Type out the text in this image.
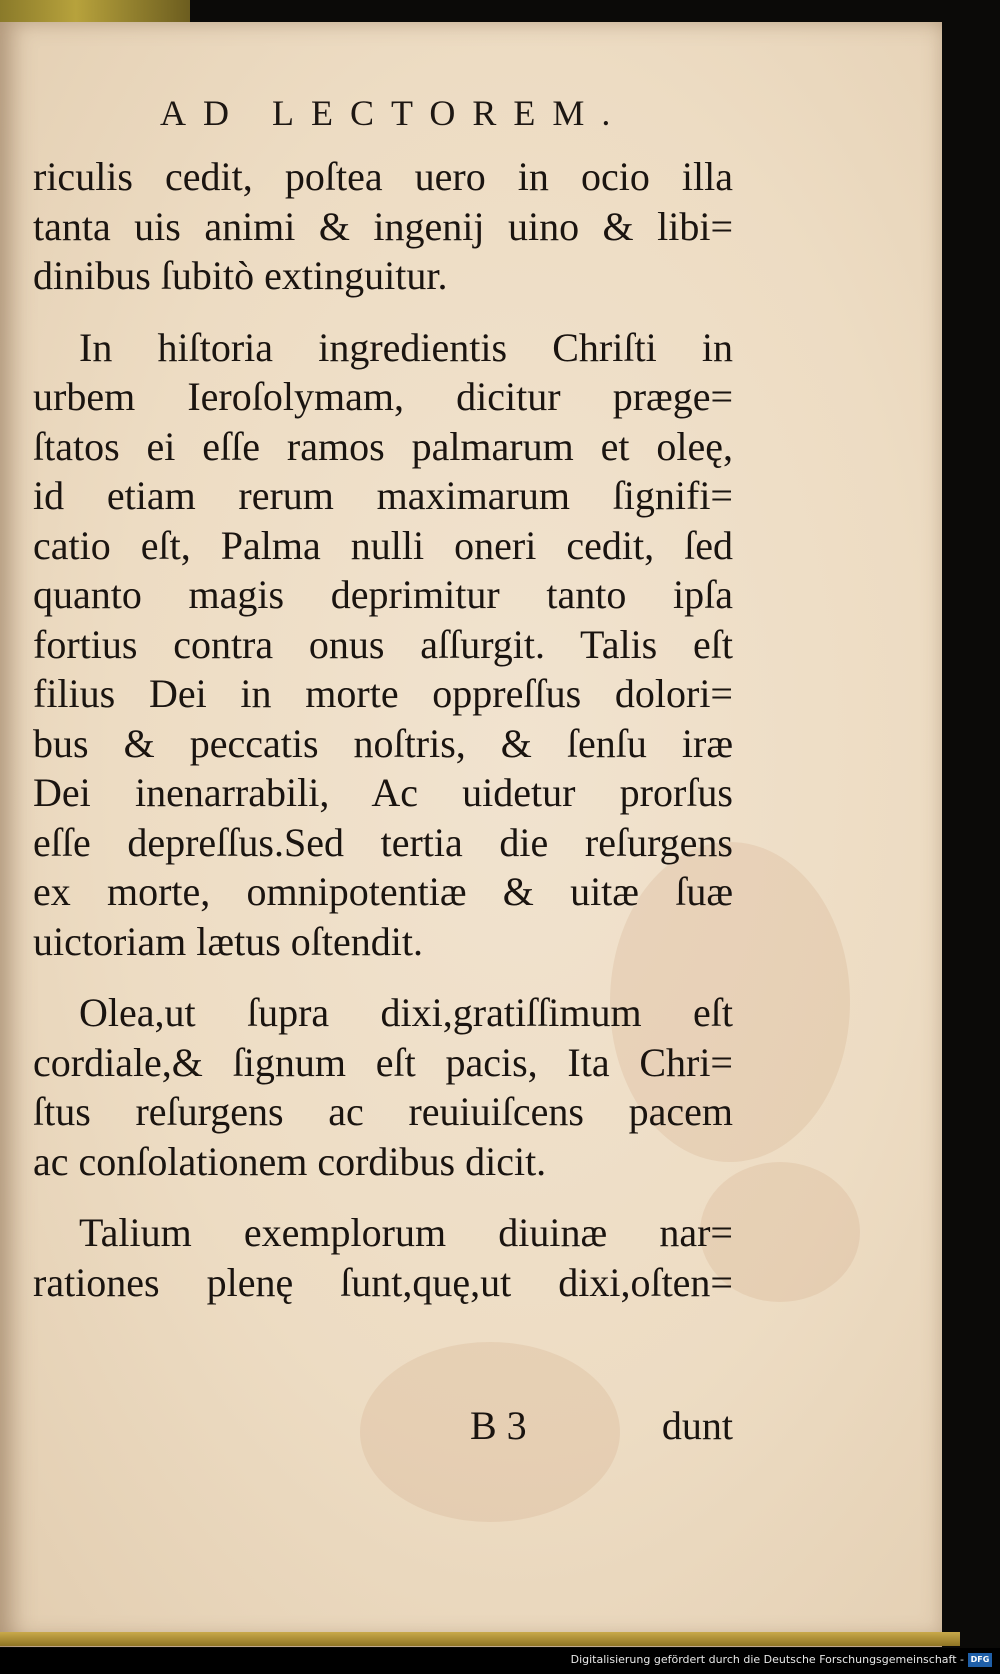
AD LECTOREM.
riculis cedit, poſtea uero in ocio illa
tanta uis animi & ingenij uino & libi=
dinibus ſubitò extinguitur.
In hiſtoria ingredientis Chriſti in
urbem Ieroſolymam, dicitur præge=
ſtatos ei eſſe ramos palmarum et oleę,
id etiam rerum maximarum ſignifi=
catio eſt, Palma nulli oneri cedit, ſed
quanto magis deprimitur tanto ipſa
fortius contra onus aſſurgit. Talis eſt
filius Dei in morte oppreſſus dolori=
bus & peccatis noſtris, & ſenſu iræ
Dei inenarrabili, Ac uidetur prorſus
eſſe depreſſus.Sed tertia die reſurgens
ex morte, omnipotentiæ & uitæ ſuæ
uictoriam lætus oſtendit.
Olea,ut ſupra dixi,gratiſſimum eſt
cordiale,& ſignum eſt pacis, Ita Chri=
ſtus reſurgens ac reuiuiſcens pacem
ac conſolationem cordibus dicit.
Talium exemplorum diuinæ nar=
rationes plenę ſunt,quę,ut dixi,oſten=
B 3	dunt
Digitalisierung gefördert durch die Deutsche Forschungsgemeinschaft - DFG
